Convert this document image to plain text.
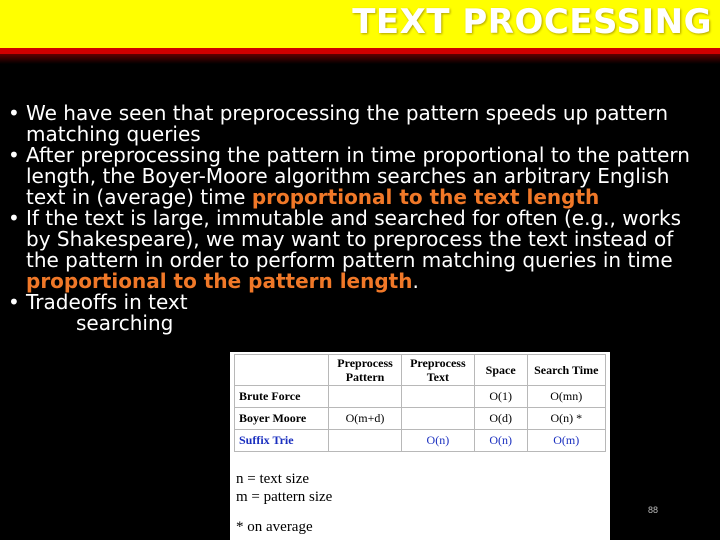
TEXT PROCESSING
• We have seen that preprocessing the pattern speeds up pattern matching queries
• After preprocessing the pattern in time proportional to the pattern length, the Boyer-Moore algorithm searches an arbitrary English text in (average) time proportional to the text length
• If the text is large, immutable and searched for often (e.g., works by Shakespeare), we may want to preprocess the text instead of the pattern in order to perform pattern matching queries in time proportional to the pattern length.
• Tradeoffs in text
searching
	Preprocess Pattern	Preprocess Text	Space	Search Time
Brute Force			O(1)	O(mn)
Boyer Moore	O(m+d)		O(d)	O(n) *
Suffix Trie		O(n)	O(n)	O(m)
n = text size
m = pattern size
* on average
88
